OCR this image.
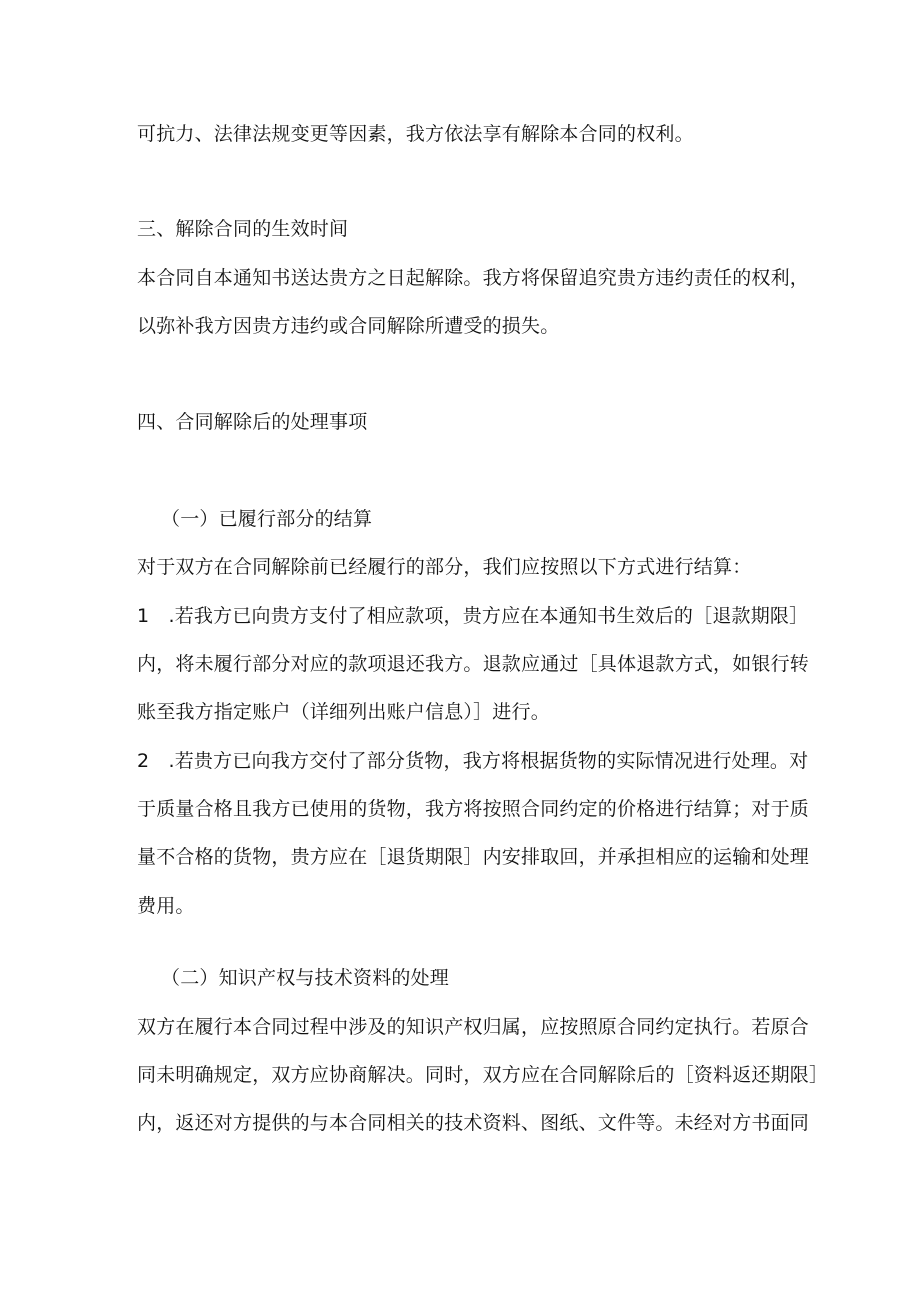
可抗力、法律法规变更等因素，我方依法享有解除本合同的权利。
三、解除合同的生效时间
本合同自本通知书送达贵方之日起解除。我方将保留追究贵方违约责任的权利，
以弥补我方因贵方违约或合同解除所遭受的损失。
四、合同解除后的处理事项
（一）已履行部分的结算
对于双方在合同解除前已经履行的部分，我们应按照以下方式进行结算：
1　.若我方已向贵方支付了相应款项，贵方应在本通知书生效后的［退款期限］
内，将未履行部分对应的款项退还我方。退款应通过［具体退款方式，如银行转
账至我方指定账户（详细列出账户信息）］进行。
2　.若贵方已向我方交付了部分货物，我方将根据货物的实际情况进行处理。对
于质量合格且我方已使用的货物，我方将按照合同约定的价格进行结算；对于质
量不合格的货物，贵方应在［退货期限］内安排取回，并承担相应的运输和处理
费用。
（二）知识产权与技术资料的处理
双方在履行本合同过程中涉及的知识产权归属，应按照原合同约定执行。若原合
同未明确规定，双方应协商解决。同时，双方应在合同解除后的［资料返还期限］
内，返还对方提供的与本合同相关的技术资料、图纸、文件等。未经对方书面同
